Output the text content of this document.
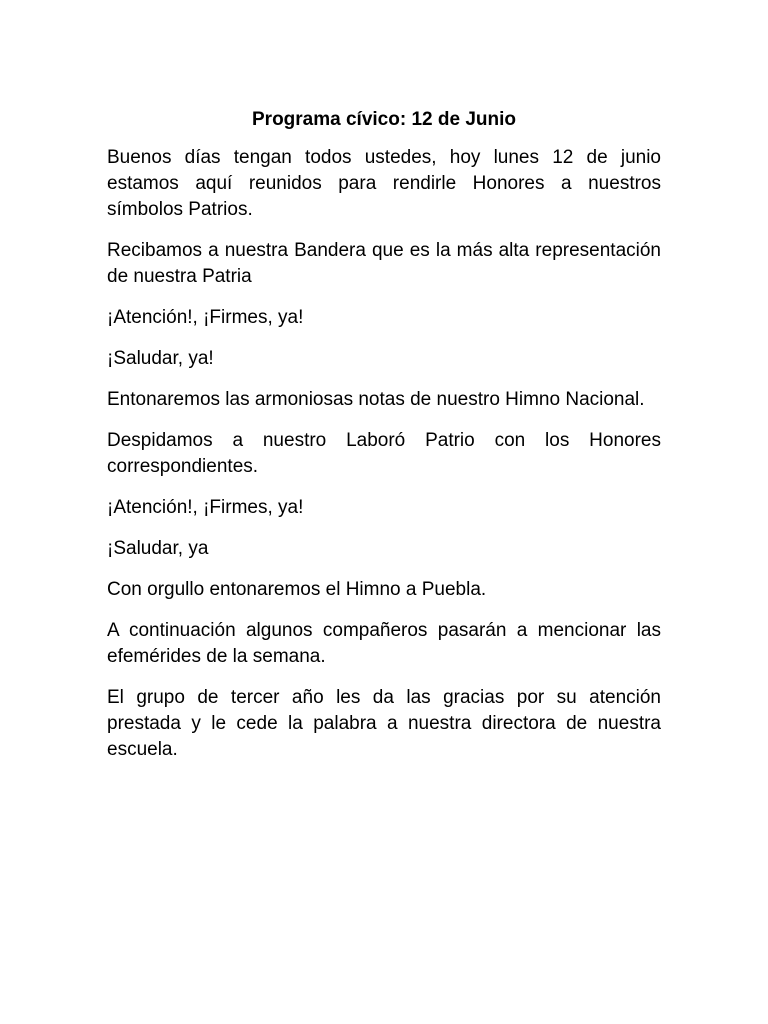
Programa cívico: 12 de Junio

Buenos días tengan todos ustedes, hoy lunes 12 de junio estamos aquí reunidos para rendirle Honores a nuestros símbolos Patrios.

Recibamos a nuestra Bandera que es la más alta representación de nuestra Patria

¡Atención!, ¡Firmes, ya!

¡Saludar, ya!

Entonaremos las armoniosas notas de nuestro Himno Nacional.

Despidamos a nuestro Laboró Patrio con los Honores correspondientes.

¡Atención!, ¡Firmes, ya!

¡Saludar, ya

Con orgullo entonaremos el Himno a Puebla.

A continuación algunos compañeros pasarán a mencionar las efemérides de la semana.

El grupo de tercer año les da las gracias por su atención prestada y le cede la palabra a nuestra directora de nuestra escuela.
